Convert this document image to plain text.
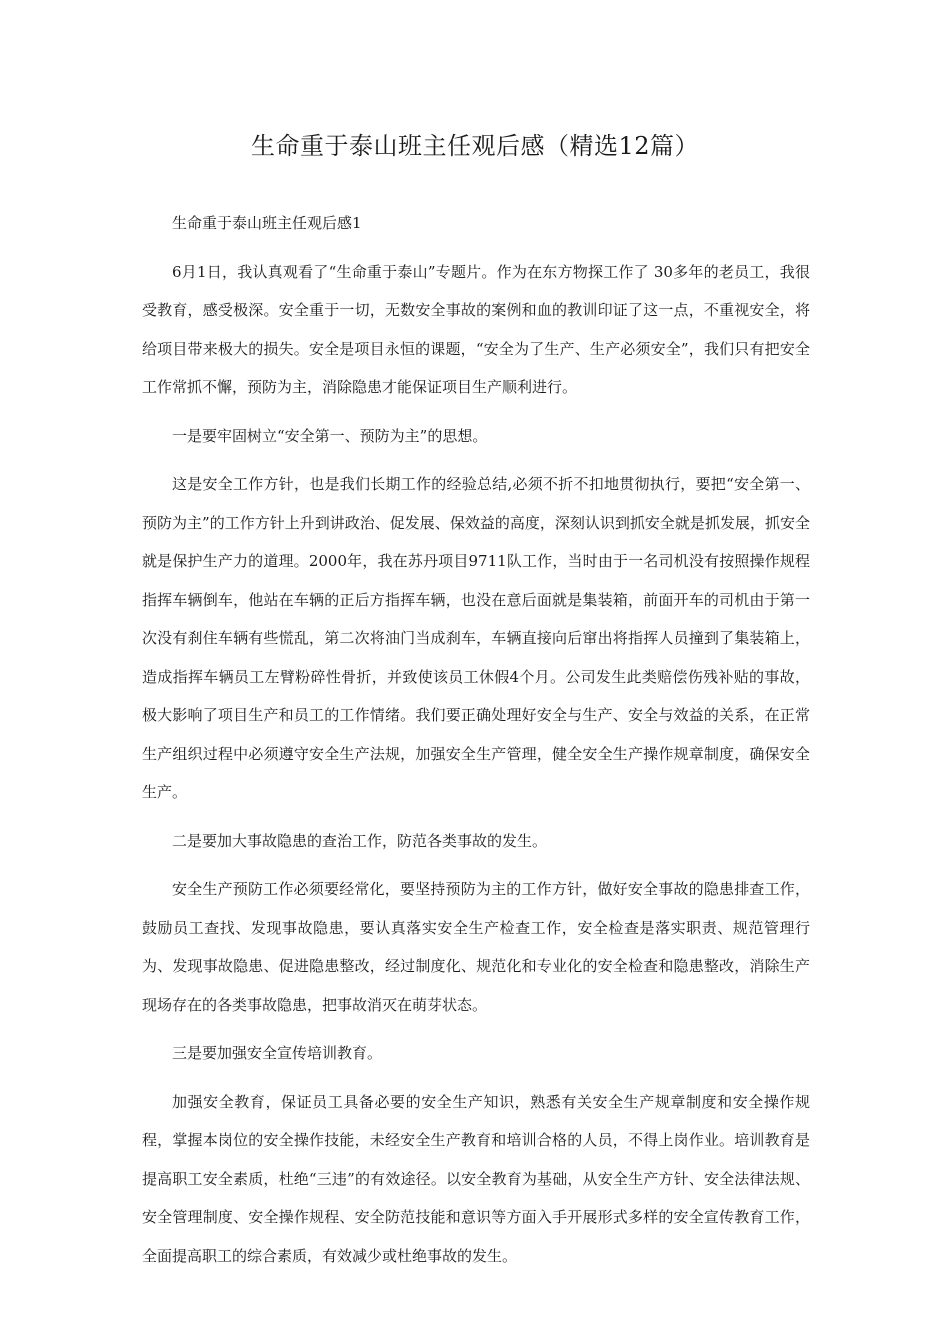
生命重于泰山班主任观后感（精选12篇）

生命重于泰山班主任观后感1

6月1日，我认真观看了“生命重于泰山”专题片。作为在东方物探工作了 30多年的老员工，我很受教育，感受极深。安全重于一切，无数安全事故的案例和血的教训印证了这一点，不重视安全，将给项目带来极大的损失。安全是项目永恒的课题，“安全为了生产、生产必须安全”，我们只有把安全工作常抓不懈，预防为主，消除隐患才能保证项目生产顺利进行。

一是要牢固树立“安全第一、预防为主”的思想。

这是安全工作方针，也是我们长期工作的经验总结,必须不折不扣地贯彻执行，要把“安全第一、预防为主”的工作方针上升到讲政治、促发展、保效益的高度，深刻认识到抓安全就是抓发展，抓安全就是保护生产力的道理。2000年，我在苏丹项目9711队工作，当时由于一名司机没有按照操作规程指挥车辆倒车，他站在车辆的正后方指挥车辆，也没在意后面就是集装箱，前面开车的司机由于第一次没有刹住车辆有些慌乱，第二次将油门当成刹车，车辆直接向后窜出将指挥人员撞到了集装箱上，造成指挥车辆员工左臂粉碎性骨折，并致使该员工休假4个月。公司发生此类赔偿伤残补贴的事故，极大影响了项目生产和员工的工作情绪。我们要正确处理好安全与生产、安全与效益的关系，在正常生产组织过程中必须遵守安全生产法规，加强安全生产管理，健全安全生产操作规章制度，确保安全生产。

二是要加大事故隐患的查治工作，防范各类事故的发生。

安全生产预防工作必须要经常化，要坚持预防为主的工作方针，做好安全事故的隐患排查工作，鼓励员工查找、发现事故隐患，要认真落实安全生产检查工作，安全检查是落实职责、规范管理行为、发现事故隐患、促进隐患整改，经过制度化、规范化和专业化的安全检查和隐患整改，消除生产现场存在的各类事故隐患，把事故消灭在萌芽状态。

三是要加强安全宣传培训教育。

加强安全教育，保证员工具备必要的安全生产知识，熟悉有关安全生产规章制度和安全操作规程，掌握本岗位的安全操作技能，未经安全生产教育和培训合格的人员，不得上岗作业。培训教育是提高职工安全素质，杜绝“三违”的有效途径。以安全教育为基础，从安全生产方针、安全法律法规、安全管理制度、安全操作规程、安全防范技能和意识等方面入手开展形式多样的安全宣传教育工作，全面提高职工的综合素质，有效减少或杜绝事故的发生。
